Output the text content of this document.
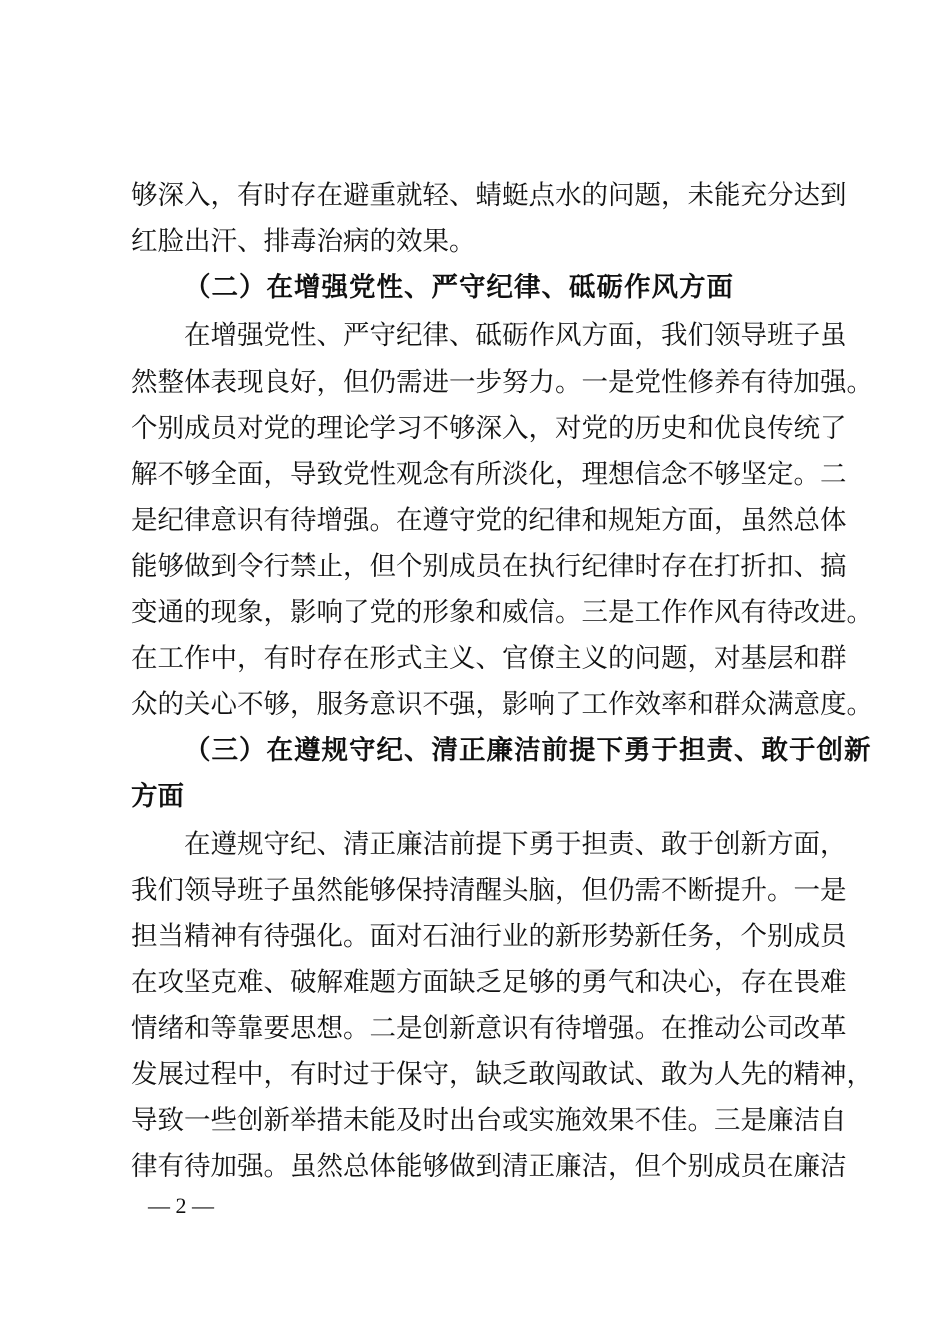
够深入，有时存在避重就轻、蜻蜓点水的问题，未能充分达到
红脸出汗、排毒治病的效果。
（二）在增强党性、严守纪律、砥砺作风方面
在增强党性、严守纪律、砥砺作风方面，我们领导班子虽
然整体表现良好，但仍需进一步努力。一是党性修养有待加强。
个别成员对党的理论学习不够深入，对党的历史和优良传统了
解不够全面，导致党性观念有所淡化，理想信念不够坚定。二
是纪律意识有待增强。在遵守党的纪律和规矩方面，虽然总体
能够做到令行禁止，但个别成员在执行纪律时存在打折扣、搞
变通的现象，影响了党的形象和威信。三是工作作风有待改进。
在工作中，有时存在形式主义、官僚主义的问题，对基层和群
众的关心不够，服务意识不强，影响了工作效率和群众满意度。
（三）在遵规守纪、清正廉洁前提下勇于担责、敢于创新
方面
在遵规守纪、清正廉洁前提下勇于担责、敢于创新方面，
我们领导班子虽然能够保持清醒头脑，但仍需不断提升。一是
担当精神有待强化。面对石油行业的新形势新任务，个别成员
在攻坚克难、破解难题方面缺乏足够的勇气和决心，存在畏难
情绪和等靠要思想。二是创新意识有待增强。在推动公司改革
发展过程中，有时过于保守，缺乏敢闯敢试、敢为人先的精神，
导致一些创新举措未能及时出台或实施效果不佳。三是廉洁自
律有待加强。虽然总体能够做到清正廉洁，但个别成员在廉洁
— 2 —
